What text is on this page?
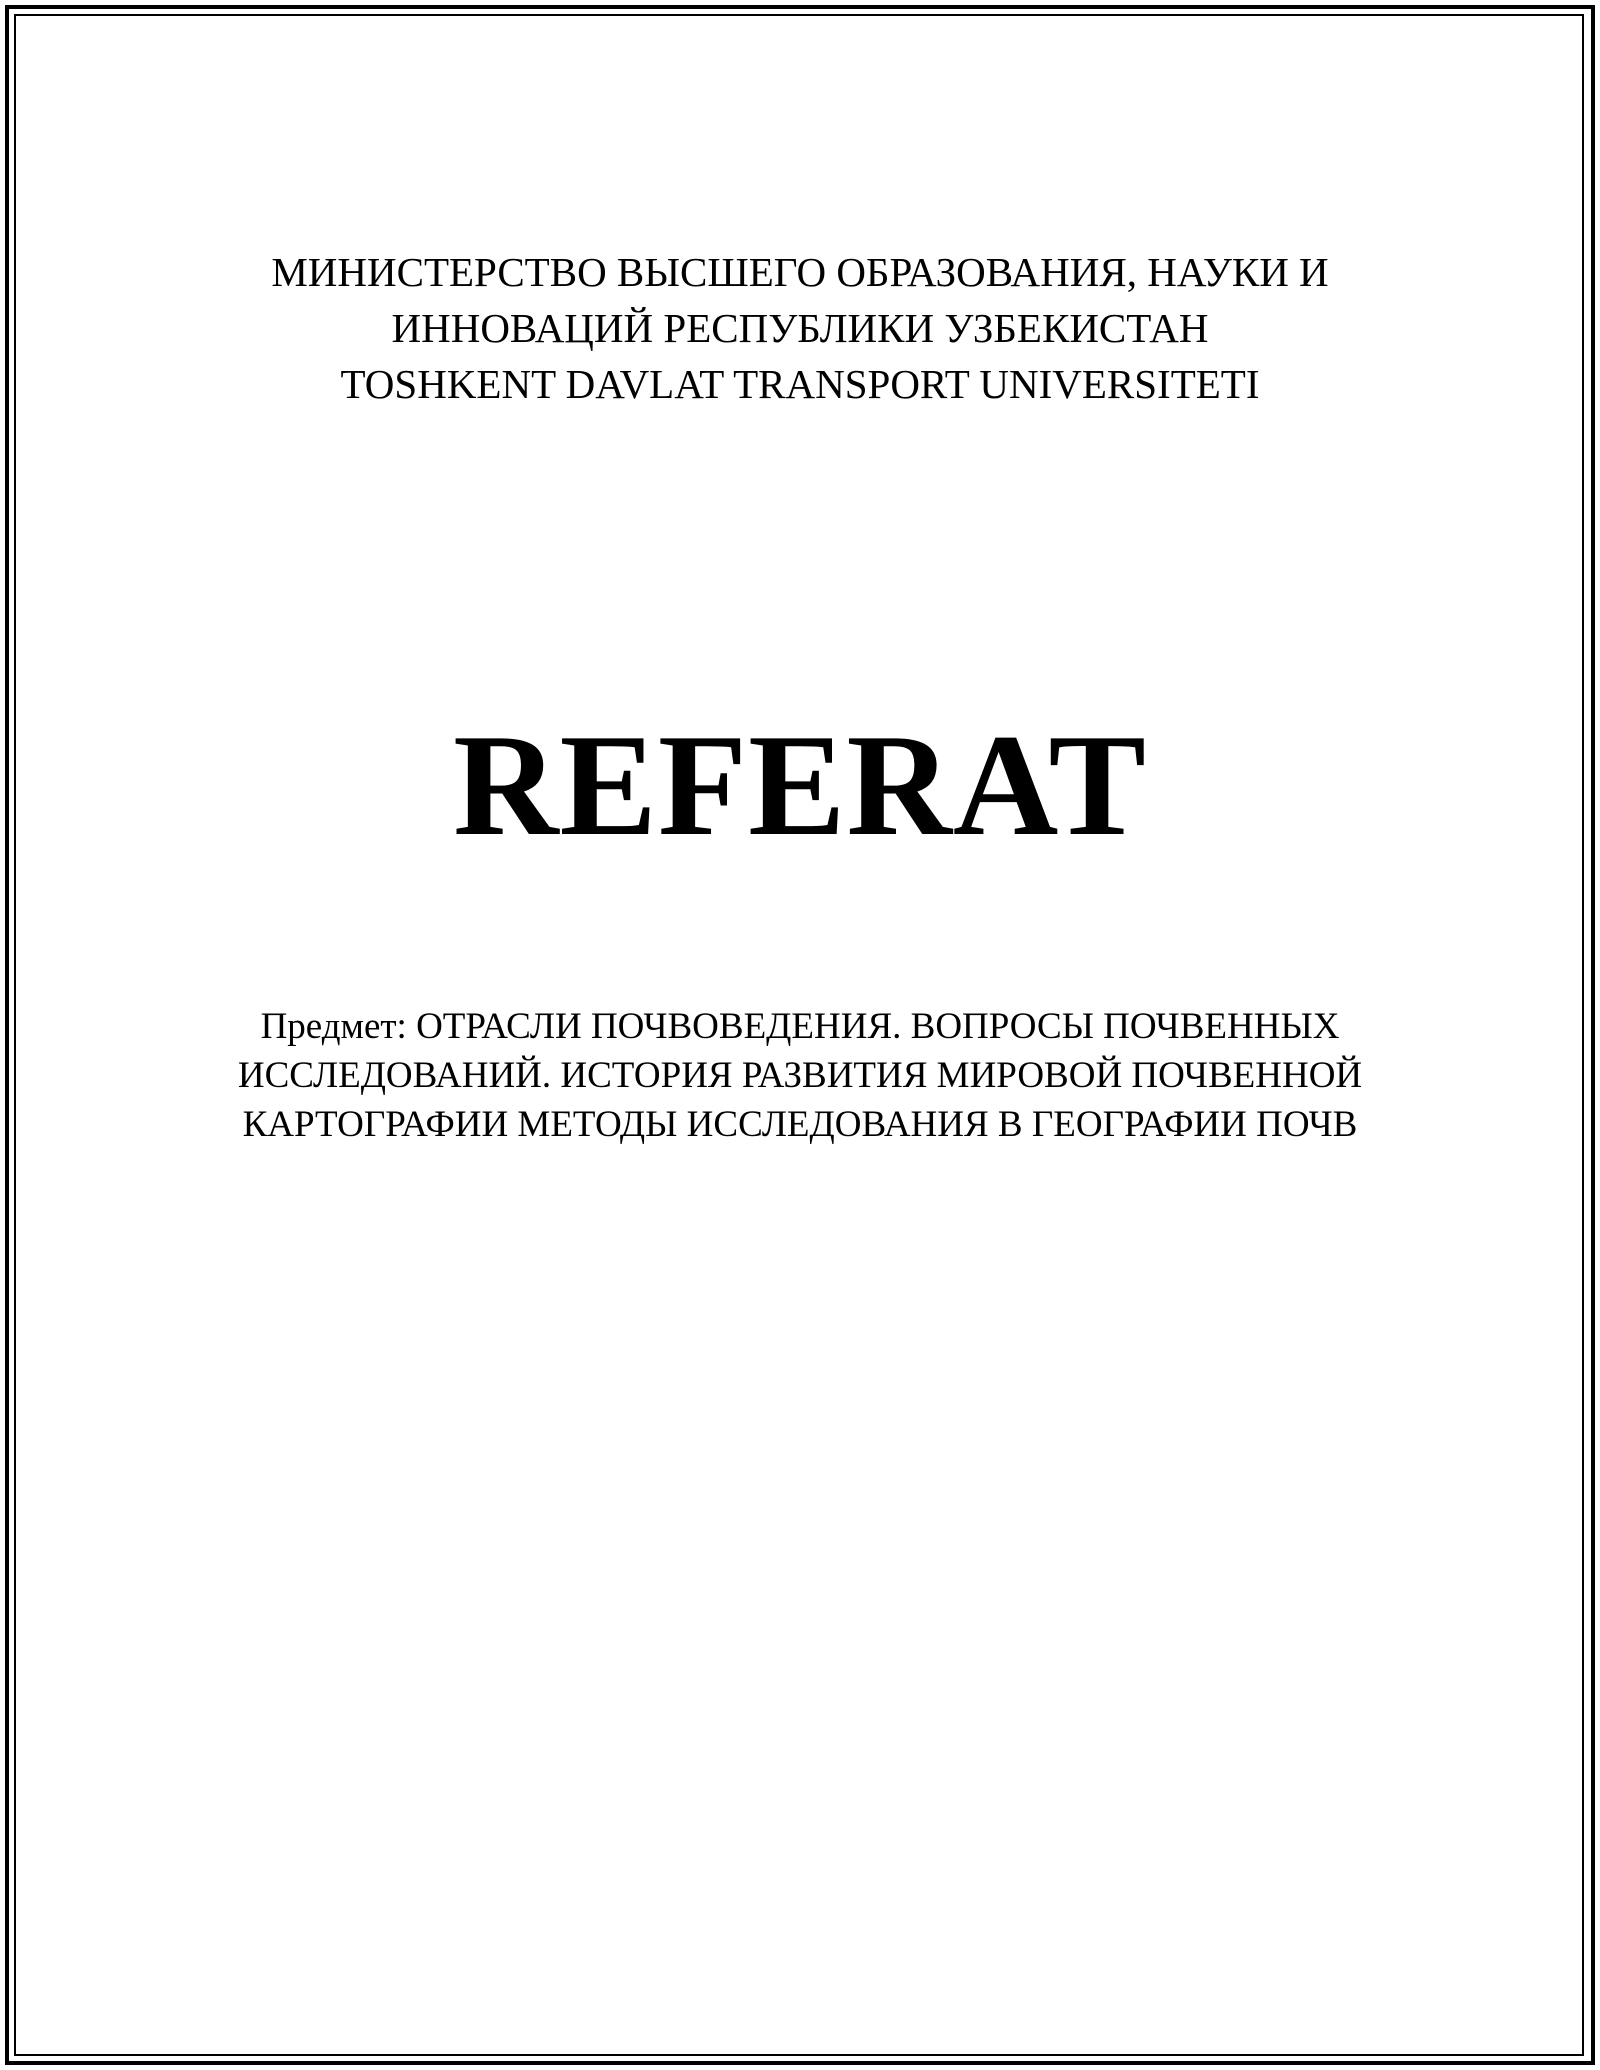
МИНИСТЕРСТВО ВЫСШЕГО ОБРАЗОВАНИЯ, НАУКИ И
ИННОВАЦИЙ РЕСПУБЛИКИ УЗБЕКИСТАН
TOSHKENT DAVLAT TRANSPORT UNIVERSITETI
REFERAT
Предмет: ОТРАСЛИ ПОЧВОВЕДЕНИЯ. ВОПРОСЫ ПОЧВЕННЫХ
ИССЛЕДОВАНИЙ. ИСТОРИЯ РАЗВИТИЯ МИРОВОЙ ПОЧВЕННОЙ
КАРТОГРАФИИ МЕТОДЫ ИССЛЕДОВАНИЯ В ГЕОГРАФИИ ПОЧВ
